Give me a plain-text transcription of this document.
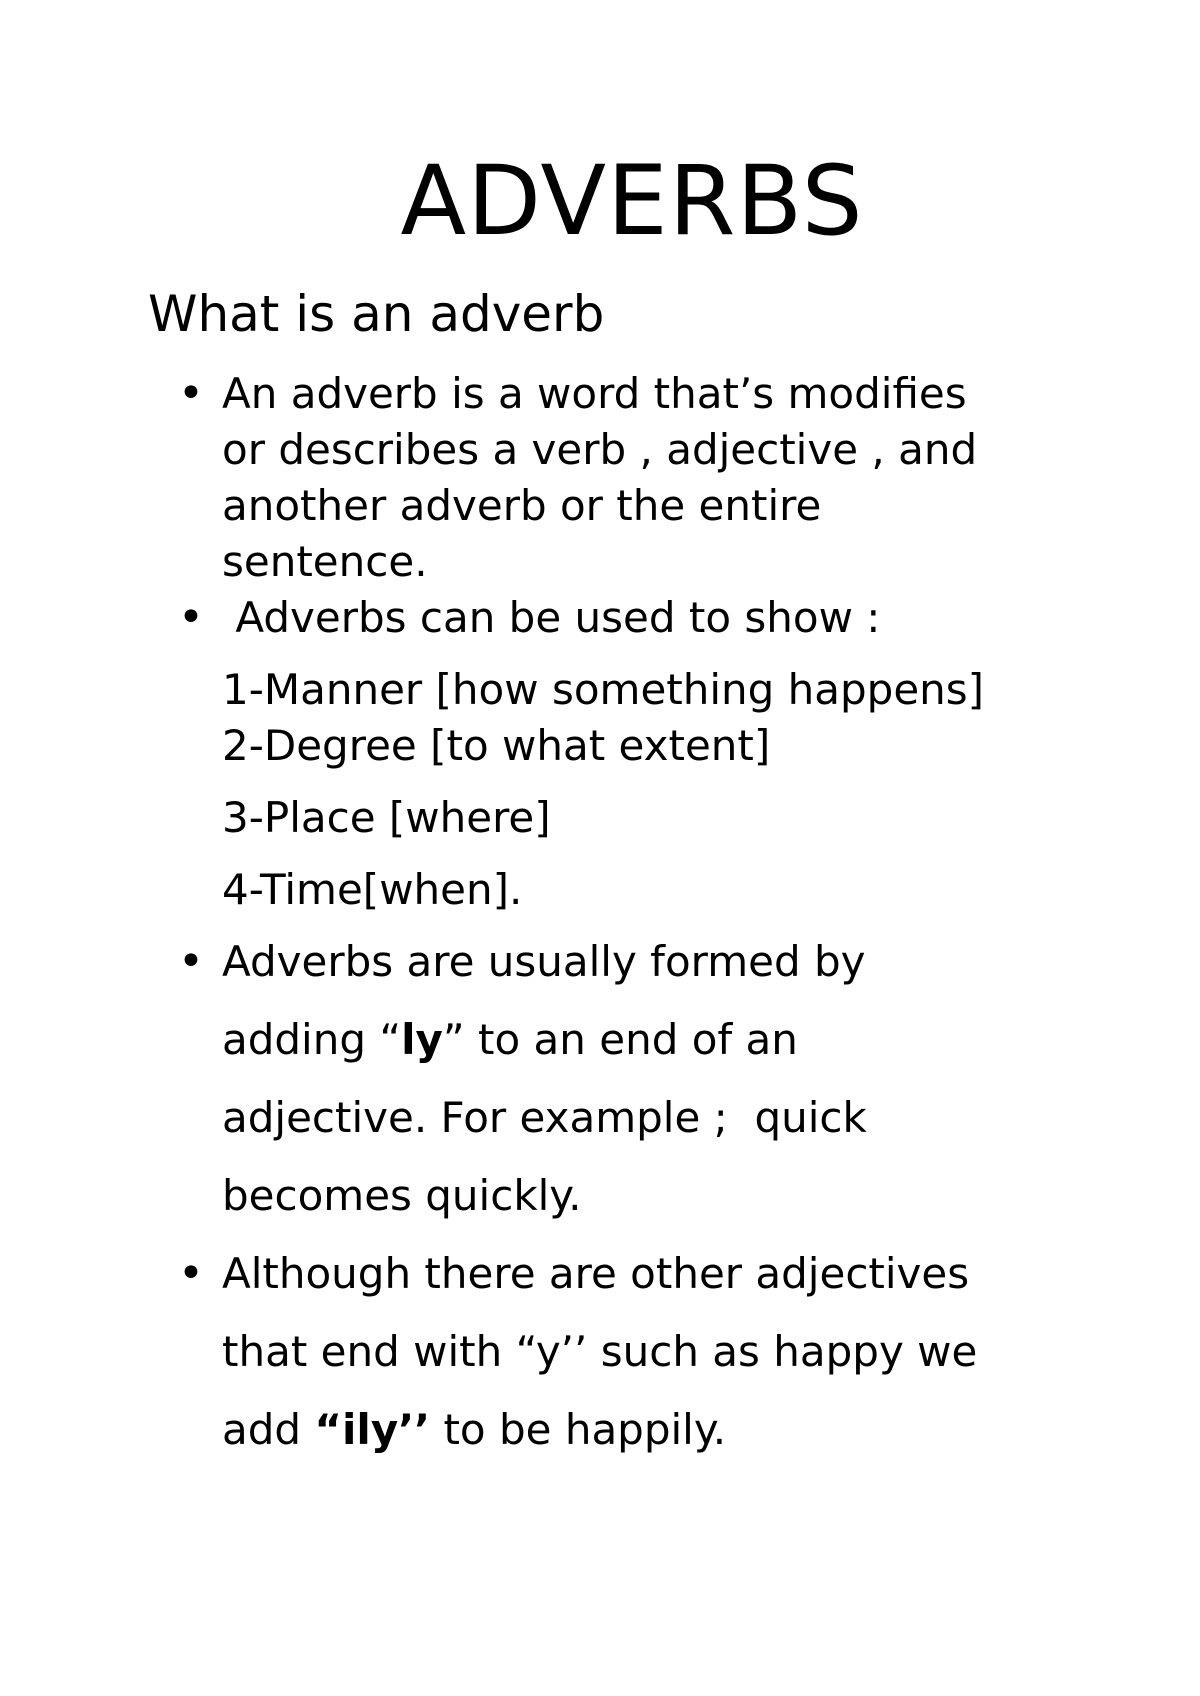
ADVERBS
What is an adverb
• An adverb is a word that’s modifies
or describes a verb , adjective , and
another adverb or the entire
sentence.
• Adverbs can be used to show :
1-Manner [how something happens]
2-Degree [to what extent]
3-Place [where]
4-Time[when].
• Adverbs are usually formed by
adding “ly” to an end of an
adjective. For example ;  quick
becomes quickly.
• Although there are other adjectives
that end with “y’’ such as happy we
add “ily’’ to be happily.
